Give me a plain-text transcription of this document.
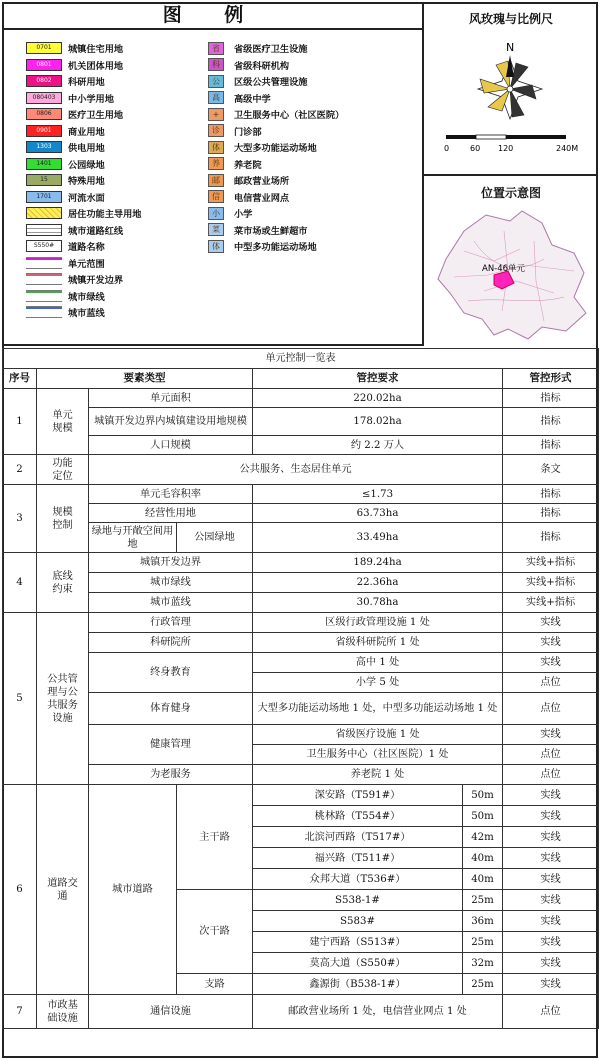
图 例
0701	城镇住宅用地
0801	机关团体用地
0802	科研用地
080403	中小学用地
0806	医疗卫生用地
0901	商业用地
1303	供电用地
1401	公园绿地
15	特殊用地
1701	河流水面
居住功能主导用地
城市道路红线
S550#	道路名称
单元范围
城镇开发边界
城市绿线
城市蓝线
省	省级医疗卫生设施
科	省级科研机构
公	区级公共管理设施
高	高级中学
+	卫生服务中心（社区医院）
诊	门诊部
体	大型多功能运动场地
养	养老院
邮	邮政营业场所
信	电信营业网点
小	小学
菜	菜市场或生鲜超市
体	中型多功能运动场地
风玫瑰与比例尺
N
0	60 120	240M
位置示意图
AN-46单元
单元控制一览表						
序号	要素类型			管控要求		管控形式
1	单元
规模	单元面积		220.02ha		指标
		城镇开发边界内城镇建设用地规模		178.02ha		指标
		人口规模		约 2.2 万人		指标
2	功能
定位	公共服务、生态居住单元				条文
3	规模
控制	单元毛容积率		≤1.73		指标
		经营性用地		63.73ha		指标
		绿地与开敞空间用地	公园绿地	33.49ha		指标
4	底线
约束	城镇开发边界		189.24ha		实线+指标
		城市绿线		22.36ha		实线+指标
		城市蓝线		30.78ha		实线+指标
5	公共管
理与公
共服务
设施	行政管理		区级行政管理设施 1 处		实线
		科研院所		省级科研院所 1 处		实线
		终身教育		高中 1 处		实线
				小学 5 处		点位
		体育健身		大型多功能运动场地 1 处，中型多功能运动场地 1 处		点位
		健康管理		省级医疗设施 1 处		实线
				卫生服务中心（社区医院）1 处		点位
		为老服务		养老院 1 处		点位
6	道路交
通	城市道路	主干路	深安路（T591#）	50m	实线
				桃林路（T554#）	50m	实线
				北滨河西路（T517#）	42m	实线
				福兴路（T511#）	40m	实线
				众邦大道（T536#）	40m	实线
			次干路	S538-1#	25m	实线
				S583#	36m	实线
				建宁西路（S513#）	25m	实线
				莫高大道（S550#）	32m	实线
			支路	鑫源街（B538-1#）	25m	实线
7	市政基
础设施	通信设施		邮政营业场所 1 处，电信营业网点 1 处		点位
